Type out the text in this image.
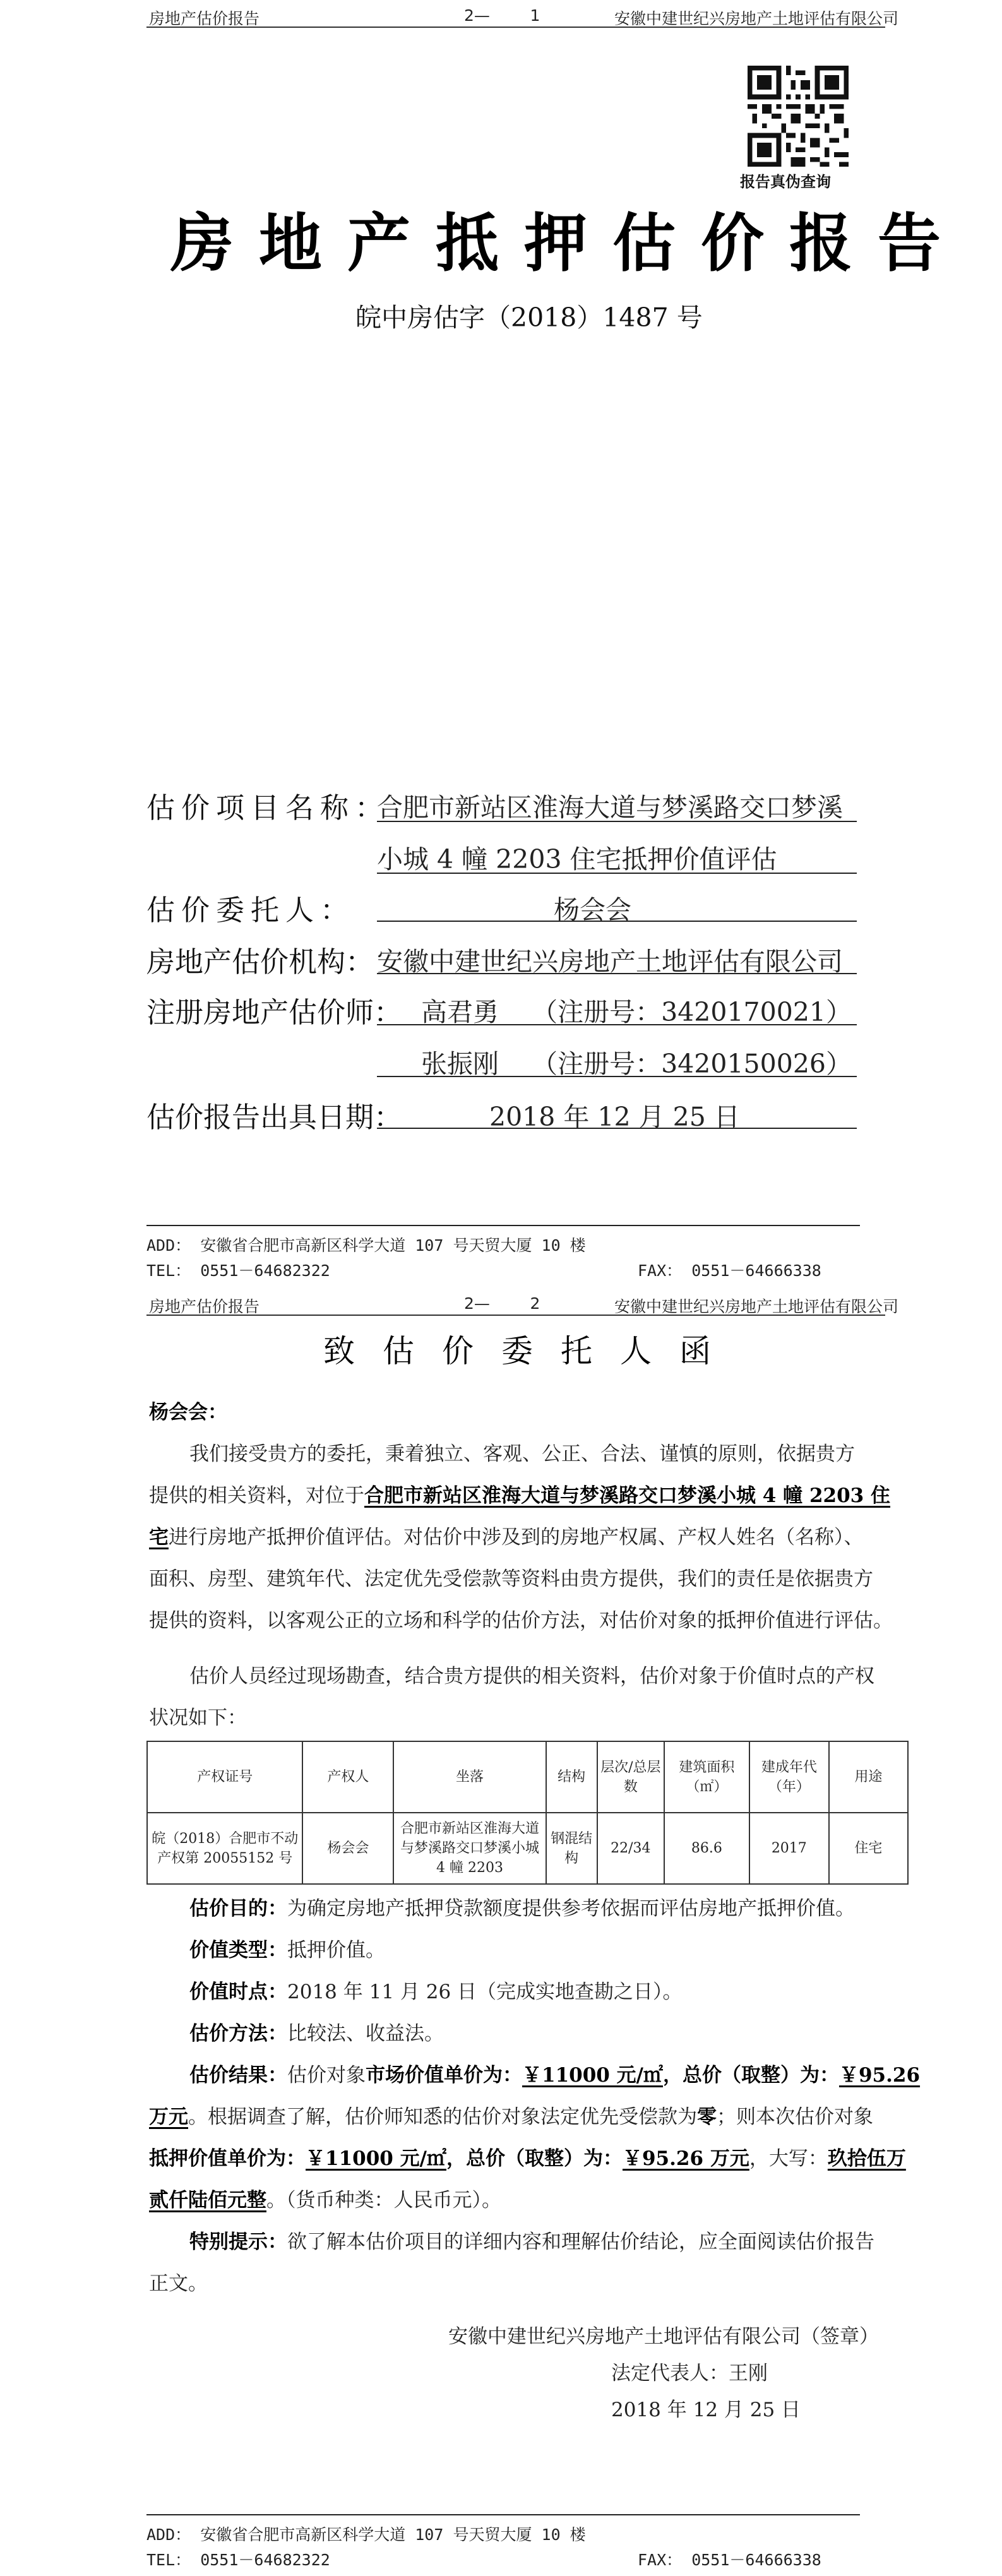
房地产估价报告	2—        1	安徽中建世纪兴房地产土地评估有限公司
报告真伪查询
房地产抵押估价报告
皖中房估字（2018）1487 号
估价项目名称：
合肥市新站区淮海大道与梦溪路交口梦溪
小城 4 幢 2203 住宅抵押价值评估
估价委托人：	杨会会
房地产估价机构： 安徽中建世纪兴房地产土地评估有限公司
注册房地产估价师： 高君勇    （注册号：3420170021）
张振刚    （注册号：3420150026）
估价报告出具日期：	2018 年 12 月 25 日
ADD： 安徽省合肥市高新区科学大道 107 号天贸大厦 10 楼
TEL： 0551－64682322	FAX： 0551－64666338
房地产估价报告	2—        2	安徽中建世纪兴房地产土地评估有限公司
致估价委托人函
杨会会：
我们接受贵方的委托，秉着独立、客观、公正、合法、谨慎的原则，依据贵方
提供的相关资料，对位于合肥市新站区淮海大道与梦溪路交口梦溪小城 4 幢 2203 住
宅进行房地产抵押价值评估。对估价中涉及到的房地产权属、产权人姓名（名称）、
面积、房型、建筑年代、法定优先受偿款等资料由贵方提供，我们的责任是依据贵方
提供的资料，以客观公正的立场和科学的估价方法，对估价对象的抵押价值进行评估。
估价人员经过现场勘查，结合贵方提供的相关资料，估价对象于价值时点的产权
状况如下：
产权证号	产权人	坐落	结构	层次/总层数	建筑面积（㎡）	建成年代（年）	用途
皖（2018）合肥市不动产权第 20055152 号	杨会会	合肥市新站区淮海大道与梦溪路交口梦溪小城 4 幢 2203	钢混结构	22/34	86.6	2017	住宅
估价目的：为确定房地产抵押贷款额度提供参考依据而评估房地产抵押价值。
价值类型：抵押价值。
价值时点：2018 年 11 月 26 日（完成实地查勘之日）。
估价方法：比较法、收益法。
估价结果：估价对象市场价值单价为：￥11000 元/㎡，总价（取整）为：￥95.26
万元。根据调查了解，估价师知悉的估价对象法定优先受偿款为零；则本次估价对象
抵押价值单价为：￥11000 元/㎡，总价（取整）为：￥95.26 万元，大写：玖拾伍万
贰仟陆佰元整。（货币种类：人民币元）。
特别提示：欲了解本估价项目的详细内容和理解估价结论，应全面阅读估价报告
正文。
安徽中建世纪兴房地产土地评估有限公司（签章）
法定代表人：王刚
2018 年 12 月 25 日
ADD： 安徽省合肥市高新区科学大道 107 号天贸大厦 10 楼
TEL： 0551－64682322	FAX： 0551－64666338
